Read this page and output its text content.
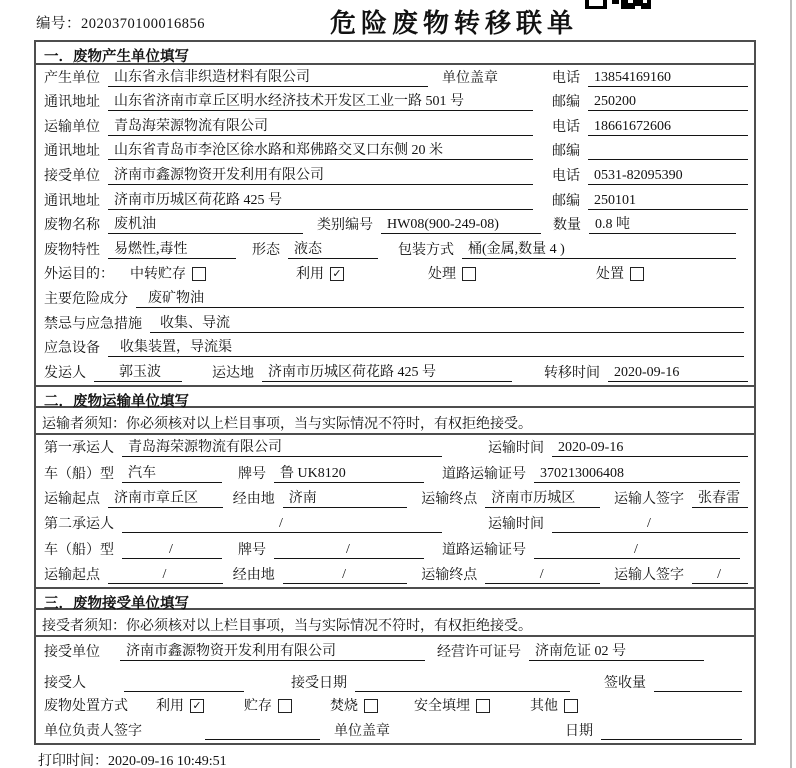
编号：2020370100016856	危险废物转移联单
一．废物产生单位填写
产生单位	山东省永信非织造材料有限公司	单位盖章	电话	13854169160
通讯地址	山东省济南市章丘区明水经济技术开发区工业一路 501 号	邮编	250200
运输单位	青岛海荣源物流有限公司	电话	18661672606
通讯地址	山东省青岛市李沧区徐水路和郑佛路交叉口东侧 20 米	邮编
接受单位	济南市鑫源物资开发利用有限公司	电话	0531-82095390
通讯地址	济南市历城区荷花路 425 号	邮编	250101
废物名称	废机油	类别编号	HW08(900-249-08)	数量	0.8 吨
废物特性	易燃性,毒性	形态	液态	包装方式	桶(金属,数量 4 )
外运目的： 中转贮存	利用 ✓	处理	处置
主要危险成分	废矿物油
禁忌与应急措施	收集、导流
应急设备	收集装置，导流渠
发运人	郭玉波	运达地	济南市历城区荷花路 425 号	转移时间	2020-09-16
二．废物运输单位填写
运输者须知：你必须核对以上栏目事项，当与实际情况不符时，有权拒绝接受。
第一承运人	青岛海荣源物流有限公司	运输时间	2020-09-16
车（船）型	汽车	牌号	鲁 UK8120	道路运输证号	370213006408
运输起点	济南市章丘区	经由地	济南	运输终点	济南市历城区	运输人签字	张春雷
第二承运人	/	运输时间	/
车（船）型	/	牌号	/	道路运输证号	/
运输起点	/	经由地	/	运输终点	/	运输人签字	/
三．废物接受单位填写
接受者须知：你必须核对以上栏目事项，当与实际情况不符时，有权拒绝接受。
接受单位	济南市鑫源物资开发利用有限公司	经营许可证号	济南危证 02 号
接受人	接受日期	签收量
废物处置方式 利用 ✓	贮存	焚烧	安全填埋	其他
单位负责人签字	单位盖章	日期
打印时间：2020-09-16 10:49:51
